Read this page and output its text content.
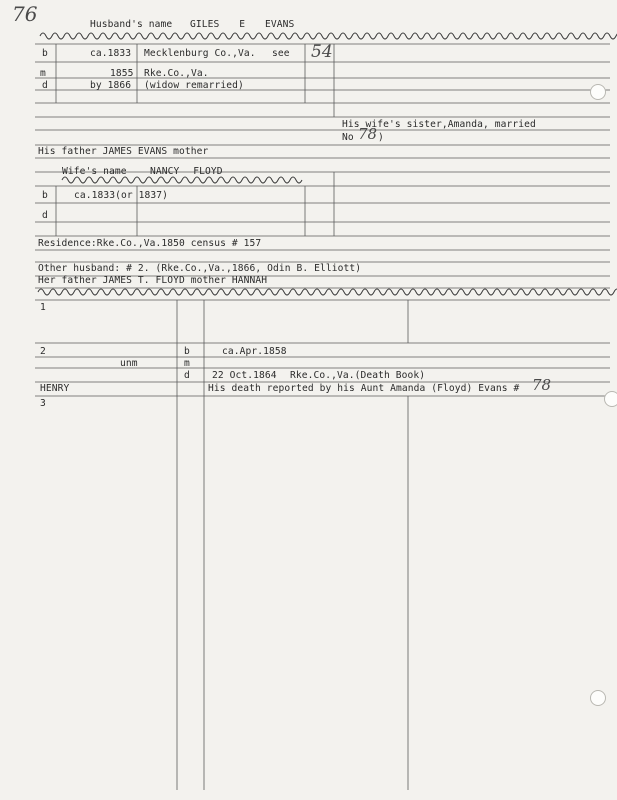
76	Husband's name GILES E EVANS
b	ca.1833 Mecklenburg Co.,Va. see 54
m	1855 Rke.Co.,Va.
d	by 1866 (widow remarried)
His wife's sister,Amanda, married
No 78 )
His father JAMES EVANS mother
Wife's name NANCY FLOYD
b	ca.1833(or 1837)
d
Residence:Rke.Co.,Va.1850 census # 157
Other husband: # 2. (Rke.Co.,Va.,1866, Odin B. Elliott)
Her father JAMES T. FLOYD mother HANNAH
1
2
unm
b	ca.Apr.1858
m
d 22 Oct.1864 Rke.Co.,Va.(Death Book)
HENRY	His death reported by his Aunt Amanda (Floyd) Evans # 78
3
